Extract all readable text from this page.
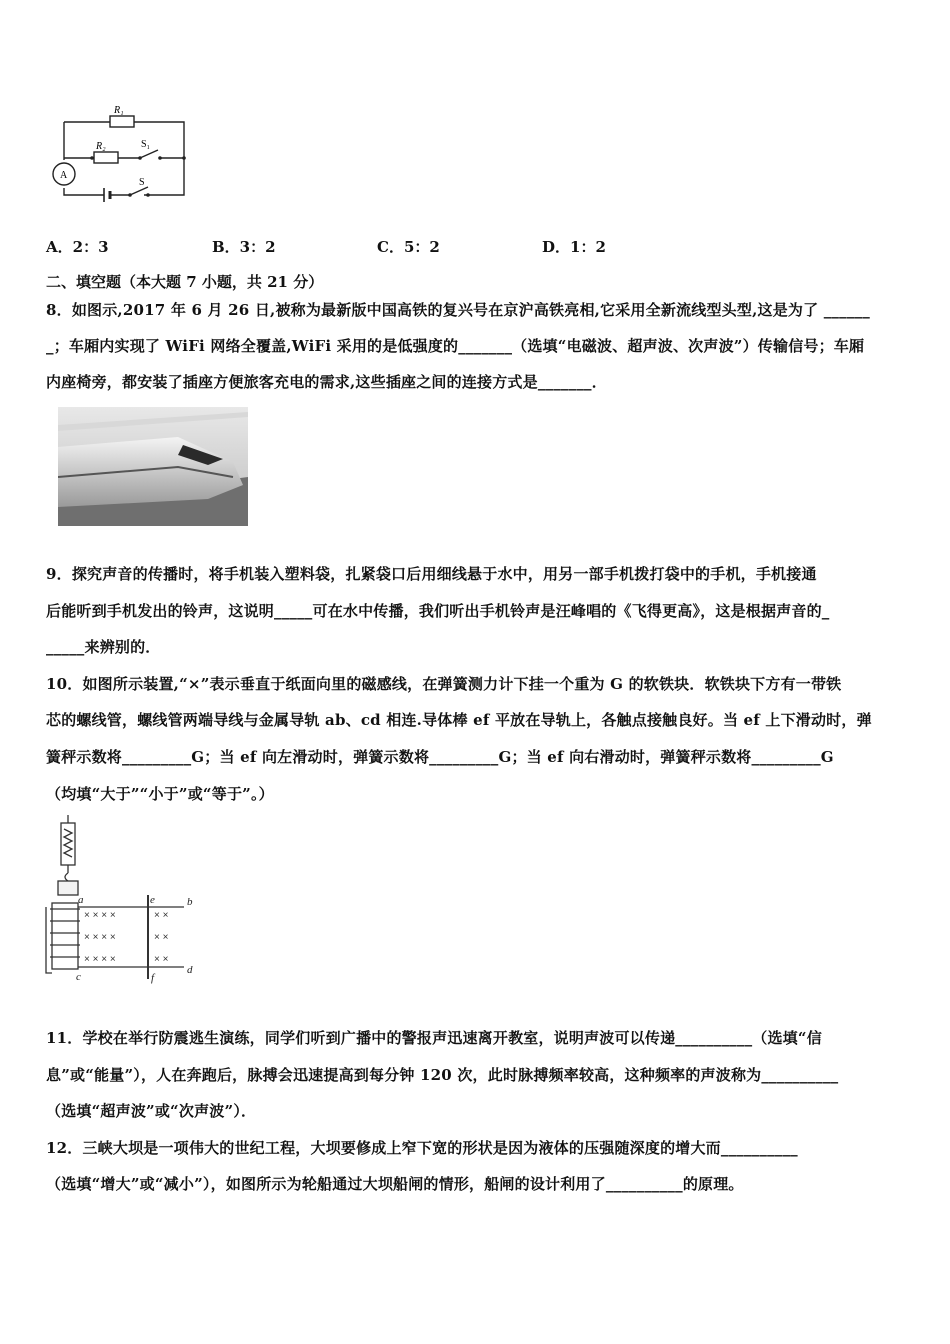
R₁
R₂	S₁
S
A
A．2：3	B．3：2	C．5：2	D．1：2
二、填空题（本大题 7 小题，共 21 分）
8．如图示,2017 年 6 月 26 日,被称为最新版中国高铁的复兴号在京沪高铁亮相,它采用全新流线型头型,这是为了 ______
_；车厢内实现了 WiFi 网络全覆盖,WiFi 采用的是低强度的_______（选填“电磁波、超声波、次声波”）传输信号；车厢
内座椅旁，都安装了插座方便旅客充电的需求,这些插座之间的连接方式是_______．
9．探究声音的传播时，将手机装入塑料袋，扎紧袋口后用细线悬于水中，用另一部手机拨打袋中的手机，手机接通
后能听到手机发出的铃声，这说明_____可在水中传播，我们听出手机铃声是汪峰唱的《飞得更高》，这是根据声音的_
_____来辨别的．
10．如图所示装置,“×”表示垂直于纸面向里的磁感线，在弹簧测力计下挂一个重为 G 的软铁块．软铁块下方有一带铁
芯的螺线管，螺线管两端导线与金属导轨 ab、cd 相连.导体棒 ef 平放在导轨上，各触点接触良好。当 ef 上下滑动时，弹
簧秤示数将_________G；当 ef 向左滑动时，弹簧示数将_________G；当 ef 向右滑动时，弹簧秤示数将_________G
（均填“大于”“小于”或“等于”。）
× × × ×	× ×
× × × ×	× ×
× × × ×	× ×
a	b
c
d
e
f
11．学校在举行防震逃生演练，同学们听到广播中的警报声迅速离开教室，说明声波可以传递__________（选填“信
息”或“能量”），人在奔跑后，脉搏会迅速提高到每分钟 120 次，此时脉搏频率较高，这种频率的声波称为__________
（选填“超声波”或“次声波”）．
12．三峡大坝是一项伟大的世纪工程，大坝要修成上窄下宽的形状是因为液体的压强随深度的增大而__________
（选填“增大”或“减小”），如图所示为轮船通过大坝船闸的情形，船闸的设计利用了__________的原理。
